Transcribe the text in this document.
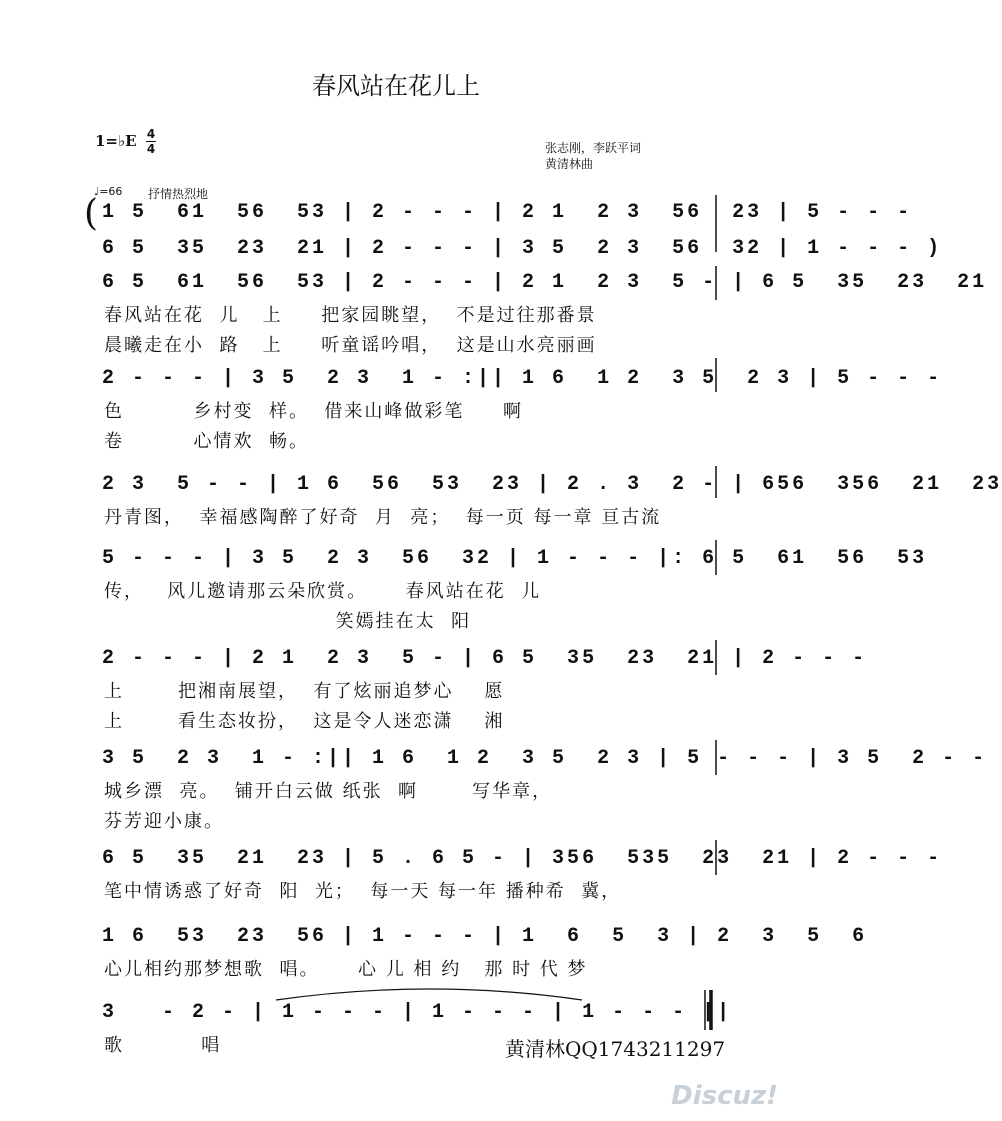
春风站在花儿上
1=♭E 4
4	张志刚，李跃平词
黄清林曲
♩=66 抒情热烈地
( 1 5  61  56  53 | 2 - - - | 2 1  2 3  56  23 | 5 - - -
6 5  35  23  21 | 2 - - - | 3 5  2 3  56  32 | 1 - - - )
6 5  61  56  53 | 2 - - - | 2 1  2 3  5 - | 6 5  35  23  21
春风站在花  儿   上     把家园眺望，  不是过往那番景
晨曦走在小  路   上     听童谣吟唱，  这是山水亮丽画
2 - - - | 3 5  2 3  1 - :|| 1 6  1 2  3 5  2 3 | 5 - - -
色         乡村变  样。  借来山峰做彩笔     啊
卷         心情欢  畅。
2 3  5 - - | 1 6  56  53  23 | 2 . 3  2 - | 656  356  21  23
丹青图，  幸福感陶醉了好奇  月  亮；  每一页 每一章 亘古流
5 - - - | 3 5  2 3  56  32 | 1 - - - |: 6 5  61  56  53
传，   风儿邀请那云朵欣赏。     春风站在花  儿
笑嫣挂在太  阳
2 - - - | 2 1  2 3  5 - | 6 5  35  23  21 | 2 - - -
上       把湘南展望，  有了炫丽追梦心    愿
上       看生态妆扮，  这是令人迷恋潇    湘
3 5  2 3  1 - :|| 1 6  1 2  3 5  2 3 | 5 - - - | 3 5  2 - -
城乡漂  亮。  铺开白云做 纸张  啊       写华章，
芬芳迎小康。
6 5  35  21  23 | 5 . 6 5 - | 356  535  23  21 | 2 - - -
笔中情诱惑了好奇  阳  光；  每一天 每一年 播种希  冀，
1 6  53  23  56 | 1 - - - | 1  6  5  3 | 2  3  5  6
心儿相约那梦想歌  唱。     心 儿 相 约   那 时 代 梦
3   - 2 - | 1 - - - | 1 - - - | 1 - - - ||
歌          唱	黄清林QQ1743211297
Discuz!
